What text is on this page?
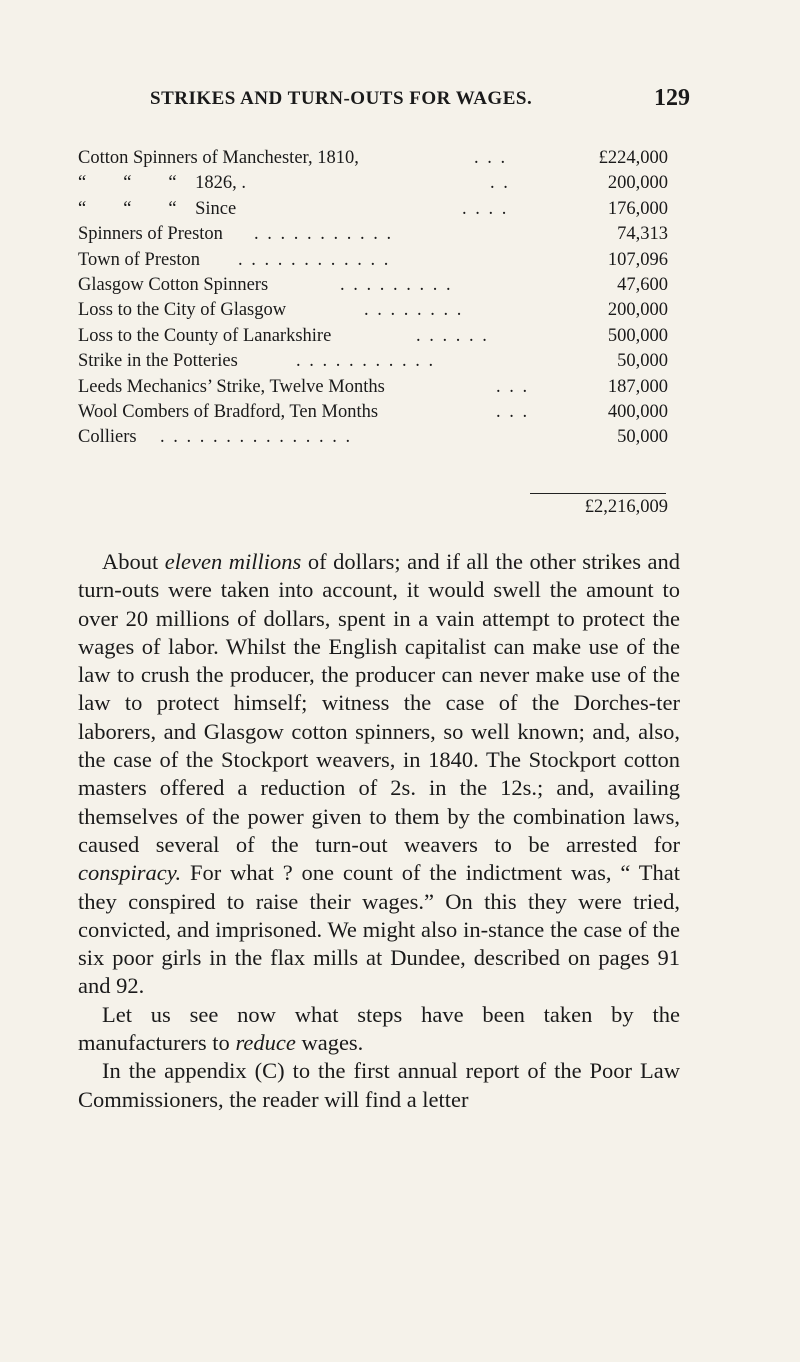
STRIKES AND TURN-OUTS FOR WAGES.	129
Cotton Spinners of Manchester, 1810,	. . .	£224,000
“        “        “    1826, .	. .	200,000
“        “        “    Since	. . . .	176,000
Spinners of Preston . . . . . . . . . . .	74,313
Town of Preston . . . . . . . . . . . .	107,096
Glasgow Cotton Spinners	. . . . . . . . .	47,600
Loss to the City of Glasgow	. . . . . . . .	200,000
Loss to the County of Lanarkshire	. . . . . .	500,000
Strike in the Potteries	. . . . . . . . . . .	50,000
Leeds Mechanics’ Strike, Twelve Months	. . .	187,000
Wool Combers of Bradford, Ten Months	. . .	400,000
Colliers . . . . . . . . . . . . . . .	50,000
£2,216,009

About eleven millions of dollars; and if all the other strikes and turn-outs were taken into account, it would swell the amount to over 20 millions of dollars, spent in a vain attempt to protect the wages of labor. Whilst the English capitalist can make use of the law to crush the producer, the producer can never make use of the law to protect himself; witness the case of the Dorches-ter laborers, and Glasgow cotton spinners, so well known; and, also, the case of the Stockport weavers, in 1840. The Stockport cotton masters offered a reduction of 2s. in the 12s.; and, availing themselves of the power given to them by the combination laws, caused several of the turn-out weavers to be arrested for conspiracy. For what ? one count of the indictment was, “ That they conspired to raise their wages.” On this they were tried, convicted, and imprisoned. We might also in-stance the case of the six poor girls in the flax mills at Dundee, described on pages 91 and 92.

Let us see now what steps have been taken by the manufacturers to reduce wages.

In the appendix (C) to the first annual report of the Poor Law Commissioners, the reader will find a letter
